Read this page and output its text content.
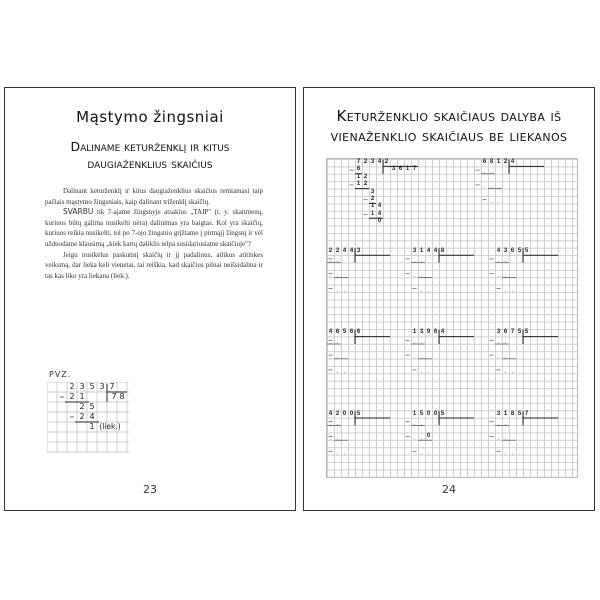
Mąstymo žingsniai
Daliname keturženklį ir kitus
daugiaženklius skaičius

Dalinant keturženklį ir kitus daugiaženklius skaičius remiamasi taip pačiais mąstymo žingsniais, kaip dalinant triženklį skaičių.

SVARBU tik 7-ajame žingsnyje atsakius „TAIP" (t. y. skaitmenų, kuriuos būtų galima nusikelti nėra) dalinimas yra baigtas. Kol yra skaičių, kuriuos reikia nusikelti, tol po 7-ojo žingsnio grįžtame į pirmąjį žingsnį ir vėl užduodame klausimą „kiek kartų daliklis telpa susidariusiame skaičiuje"?

Jeigu nusikėlus paskutinį skaičių ir jį padalinus, atlikus atitinkes veiksmą, dar lieka keli vienetai, tai reiškia, kad skaičius pilnai neišsidalina ir tas kas liko yra liekana (liek.).

PVZ.
2 3 5 3 7
2 1	7 8
2 5
2 4
1 (liek.)
23
Keturženklio skaičiaus dalyba iš
vienaženklio skaičiaus be liekanos
7 2 3 4 2
3 6 1 7
6
1 2
1 2
3
2
1 4
1 4
0
6 8 1 2 4
2 2 4 4 3	3 1 4 4 8	4 3 6 5 5
4 6 5 6 6	1 3 9 6 4	3 6 7 5 5
4 2 0 0 5	1 5 0 0 5	3 1 8 5 7
0
24
